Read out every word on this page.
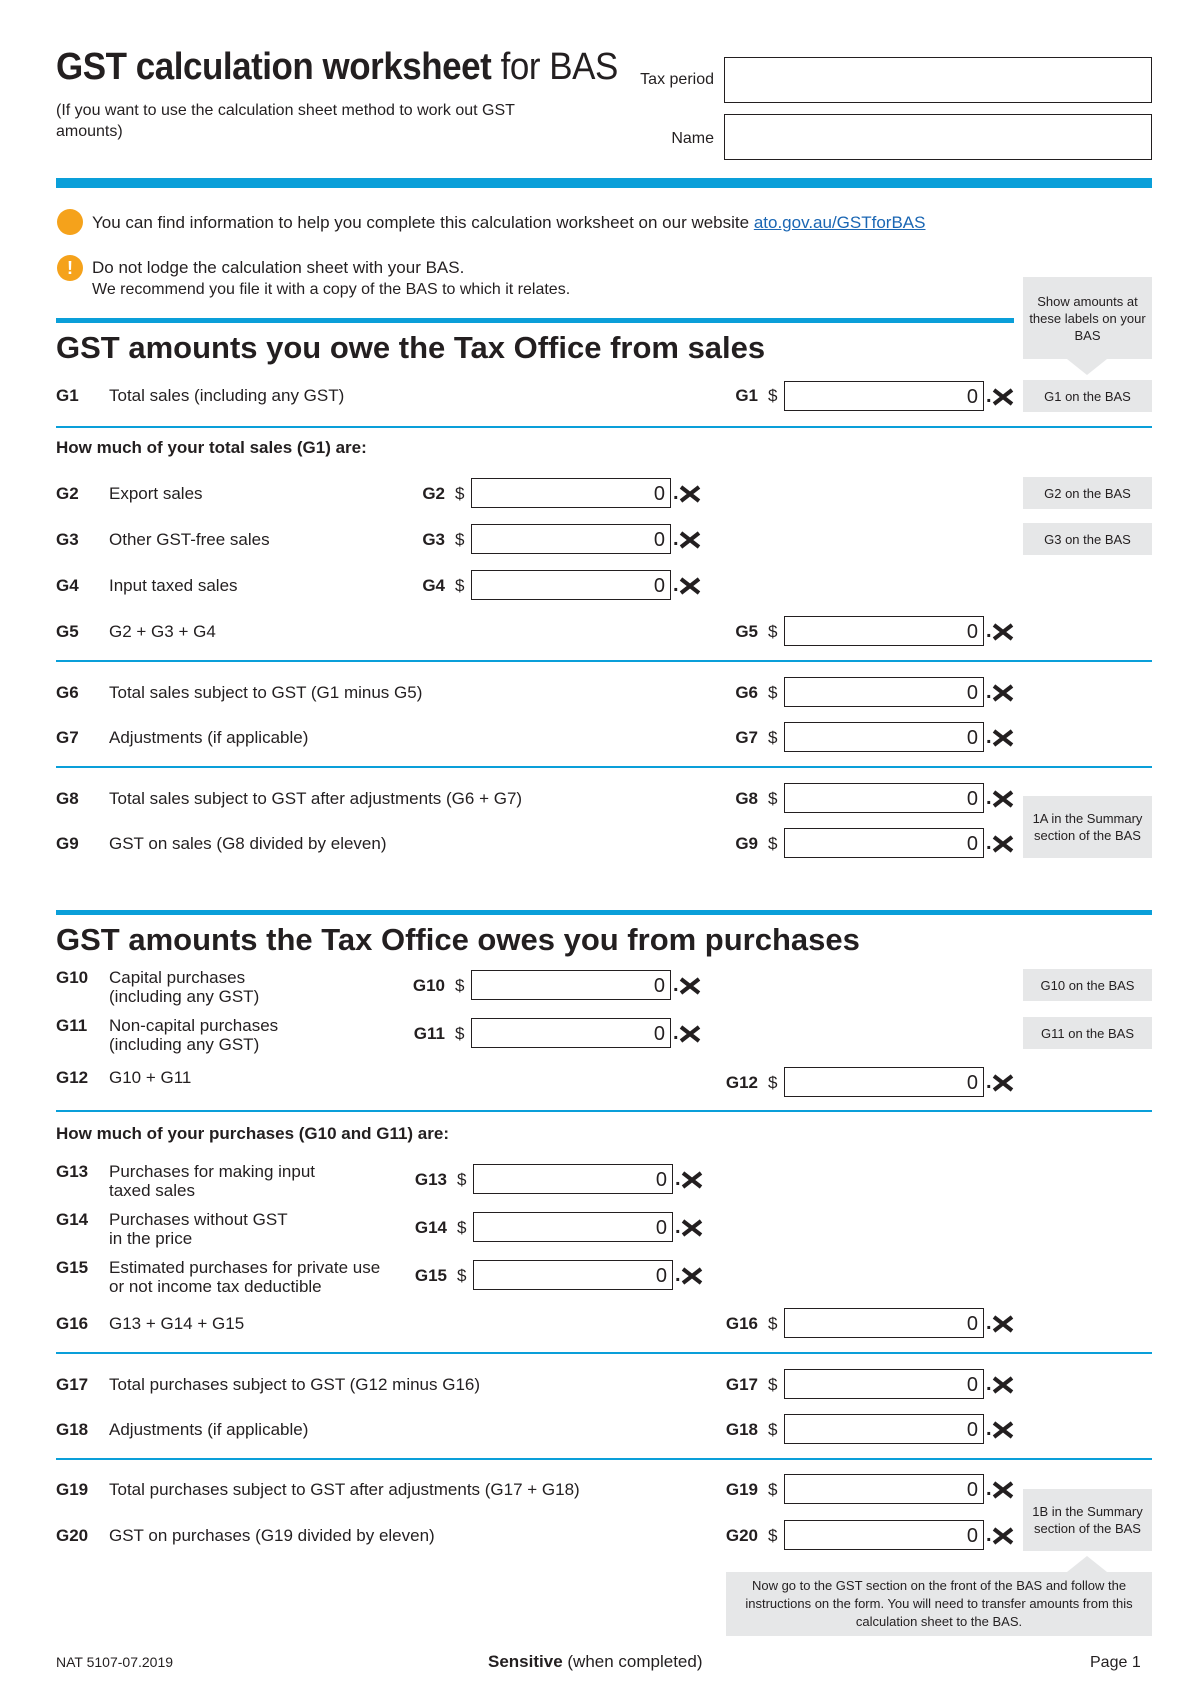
GST calculation worksheet for BAS
(If you want to use the calculation sheet method to work out GST amounts)
Tax period
Name
You can find information to help you complete this calculation worksheet on our website ato.gov.au/GSTforBAS
!	Do not lodge the calculation sheet with your BAS.
We recommend you file it with a copy of the BAS to which it relates.
Show amounts at these labels on your BAS
GST amounts you owe the Tax Office from sales
G1 Total sales (including any GST)	G1 $	0 .	G1 on the BAS
How much of your total sales (G1) are:
G2 Export sales	G2 $	0 .	G2 on the BAS
G3 Other GST-free sales	G3 $	0 .	G3 on the BAS
G4 Input taxed sales	G4 $	0 .
G5 G2 + G3 + G4	G5 $	0 .
G6 Total sales subject to GST (G1 minus G5)	G6 $	0 .
G7 Adjustments (if applicable)	G7 $	0 .
G8 Total sales subject to GST after adjustments (G6 + G7)	G8 $	0 .
G9 GST on sales (G8 divided by eleven)	G9 $	0 .
1A in the Summary section of the BAS
GST amounts the Tax Office owes you from purchases
G10 Capital purchases
(including any GST)
G10 $	0 .	G10 on the BAS
G11 Non-capital purchases
(including any GST)
G11 $	0 .	G11 on the BAS
G12 G10 + G11	G12 $	0 .
How much of your purchases (G10 and G11) are:
G13 Purchases for making input
taxed sales
G13 $	0 .
G14 Purchases without GST
in the price
G14 $	0 .
G15 Estimated purchases for private use
or not income tax deductible
G15 $	0 .
G16 G13 + G14 + G15	G16 $	0 .
G17 Total purchases subject to GST (G12 minus G16)	G17 $	0 .
G18 Adjustments (if applicable)	G18 $	0 .
G19 Total purchases subject to GST after adjustments (G17 + G18)	G19 $	0 .
G20 GST on purchases (G19 divided by eleven)	G20 $	0 .
1B in the Summary section of the BAS
Now go to the GST section on the front of the BAS and follow the instructions on the form. You will need to transfer amounts from this calculation sheet to the BAS.
NAT 5107-07.2019	Sensitive (when completed)	Page 1
